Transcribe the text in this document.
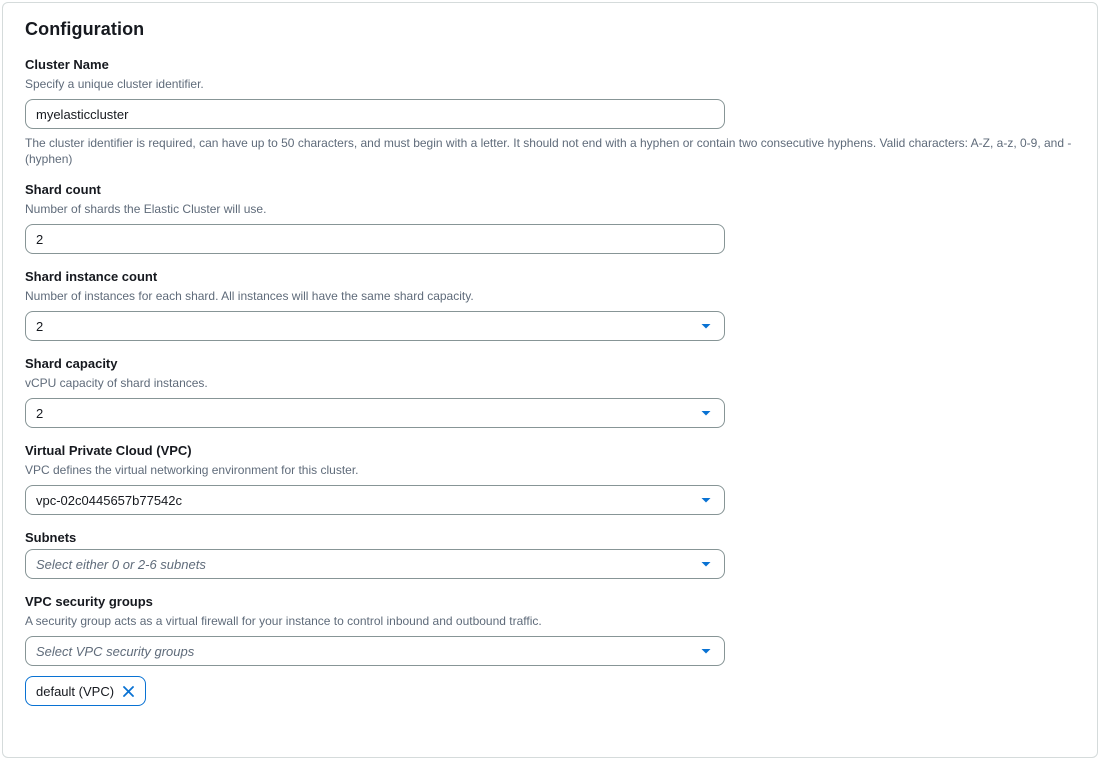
Configuration
Cluster Name
Specify a unique cluster identifier.
myelasticcluster
The cluster identifier is required, can have up to 50 characters, and must begin with a letter. It should not end with a hyphen or contain two consecutive hyphens. Valid characters: A-Z, a-z, 0-9, and -(hyphen)
Shard count
Number of shards the Elastic Cluster will use.
2
Shard instance count
Number of instances for each shard. All instances will have the same shard capacity.
2
Shard capacity
vCPU capacity of shard instances.
2
Virtual Private Cloud (VPC)
VPC defines the virtual networking environment for this cluster.
vpc-02c0445657b77542c
Subnets
Select either 0 or 2-6 subnets
VPC security groups
A security group acts as a virtual firewall for your instance to control inbound and outbound traffic.
Select VPC security groups
default (VPC)
